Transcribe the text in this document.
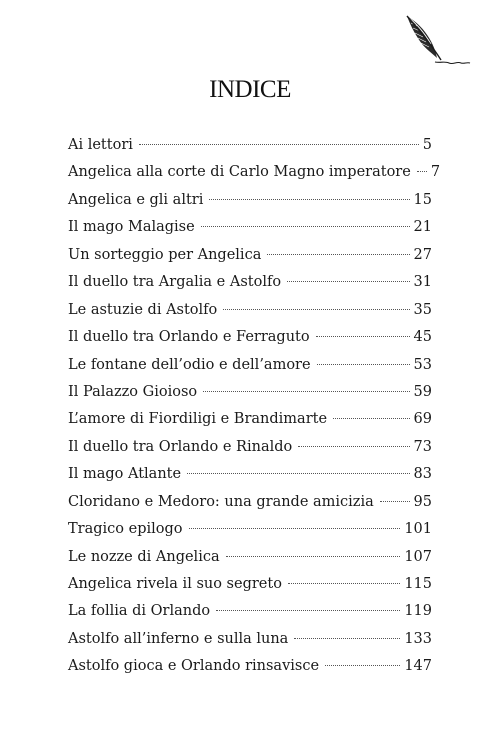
INDICE
Ai lettori	5
Angelica alla corte di Carlo Magno imperatore 7
Angelica e gli altri	15
Il mago Malagise	21
Un sorteggio per Angelica	27
Il duello tra Argalia e Astolfo	31
Le astuzie di Astolfo	35
Il duello tra Orlando e Ferraguto	45
Le fontane dell’odio e dell’amore	53
Il Palazzo Gioioso	59
L’amore di Fiordiligi e Brandimarte	69
Il duello tra Orlando e Rinaldo	73
Il mago Atlante	83
Cloridano e Medoro: una grande amicizia	95
Tragico epilogo	101
Le nozze di Angelica	107
Angelica rivela il suo segreto	115
La follia di Orlando	119
Astolfo all’inferno e sulla luna	133
Astolfo gioca e Orlando rinsavisce	147
